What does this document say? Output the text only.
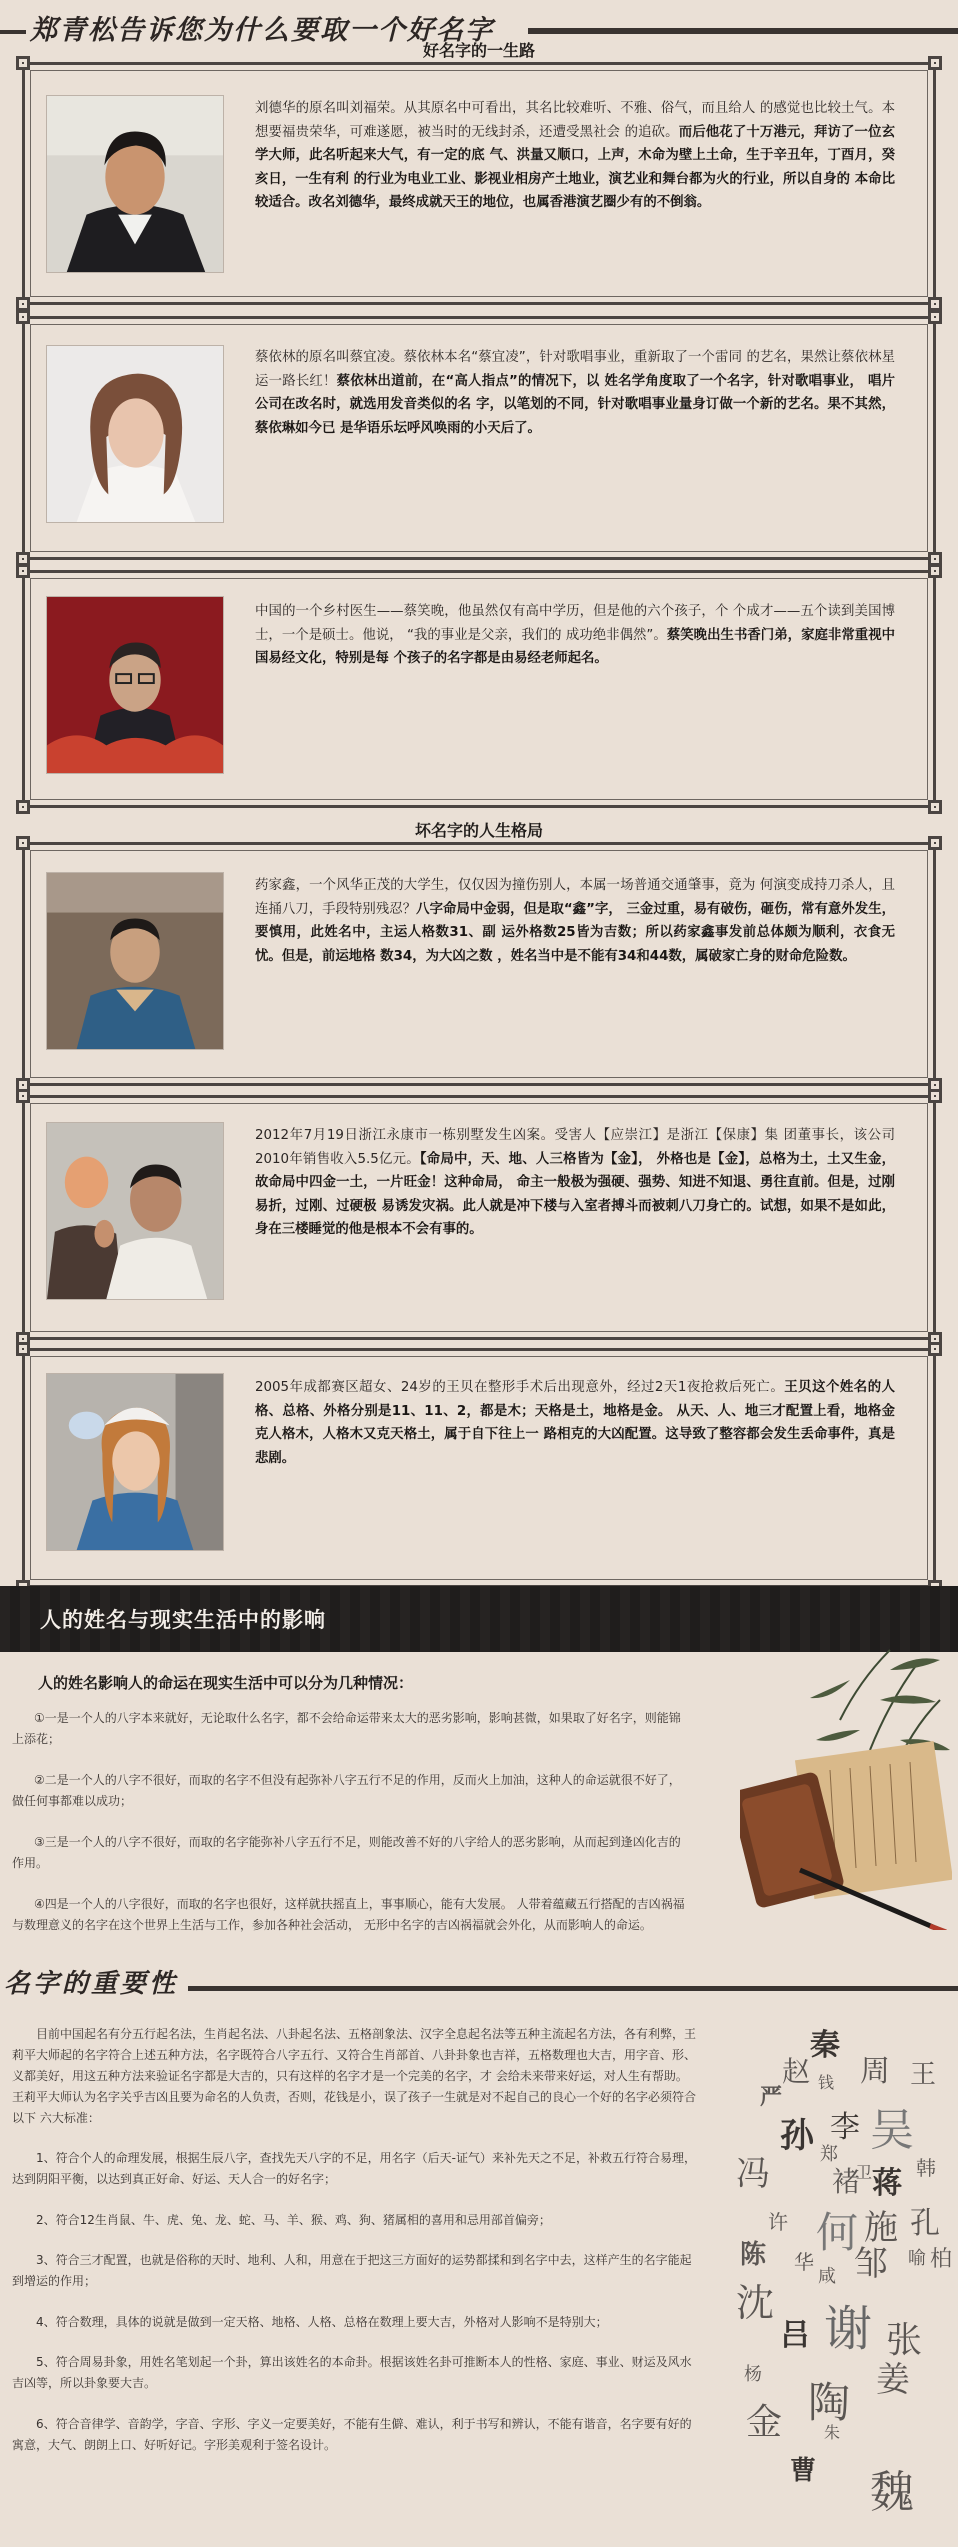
郑青松告诉您为什么要取一个好名字
好名字的一生路
刘德华的原名叫刘福荣。从其原名中可看出，其名比较难听、不雅、俗气，而且给人 的感觉也比较土气。本想要福贵荣华，可难遂愿，被当时的无线封杀，还遭受黑社会 的追砍。而后他花了十万港元，拜访了一位玄学大师，此名听起来大气，有一定的底 气、洪量又顺口，上声，木命为壁上土命，生于辛丑年，丁酉月，癸亥日，一生有利 的行业为电业工业、影视业相房产土地业，演艺业和舞台都为火的行业，所以自身的 本命比较适合。改名刘德华，最终成就天王的地位，也属香港演艺圈少有的不倒翁。
蔡依林的原名叫蔡宜凌。蔡依林本名“蔡宜凌”，针对歌唱事业，重新取了一个雷同 的艺名，果然让蔡依林星运一路长红！蔡依林出道前，在“高人指点”的情况下，以 姓名学角度取了一个名字，针对歌唱事业， 唱片公司在改名时，就选用发音类似的名 字，以笔划的不同，针对歌唱事业量身订做一个新的艺名。果不其然，蔡依琳如今已 是华语乐坛呼风唤雨的小天后了。
中国的一个乡村医生——蔡笑晚，他虽然仅有高中学历，但是他的六个孩子，个 个成才——五个读到美国博士，一个是硕士。他说， “我的事业是父亲，我们的 成功绝非偶然”。蔡笑晚出生书香门弟，家庭非常重视中国易经文化，特别是每 个孩子的名字都是由易经老师起名。
坏名字的人生格局
药家鑫，一个风华正茂的大学生，仅仅因为撞伤别人，本属一场普通交通肇事，竟为 何演变成持刀杀人，且连捅八刀，手段特别残忍？八字命局中金弱，但是取“鑫”字， 三金过重，易有破伤，砸伤，常有意外发生，要慎用，此姓名中，主运人格数31、副 运外格数25皆为吉数；所以药家鑫事发前总体颇为顺利，衣食无忧。但是，前运地格 数34，为大凶之数 ，姓名当中是不能有34和44数，属破家亡身的财命危险数。
2012年7月19日浙江永康市一栋别墅发生凶案。受害人【应崇江】是浙江【保康】集 团董事长，该公司2010年销售收入5.5亿元。【命局中，天、地、人三格皆为【金】， 外格也是【金】，总格为土，土又生金，故命局中四金一土，一片旺金！这种命局， 命主一般极为强硬、强势、知进不知退、勇往直前。但是，过刚易折，过刚、过硬极 易诱发灾祸。此人就是冲下楼与入室者搏斗而被刺八刀身亡的。试想，如果不是如此， 身在三楼睡觉的他是根本不会有事的。
2005年成都赛区超女、24岁的王贝在整形手术后出现意外，经过2天1夜抢救后死亡。王贝这个姓名的人格、总格、外格分别是11、11、2，都是木；天格是土，地格是金。 从天、人、地三才配置上看，地格金克人格木，人格木又克天格土，属于自下往上一 路相克的大凶配置。这导致了整容都会发生丢命事件，真是悲剧。
人的姓名与现实生活中的影响
人的姓名影响人的命运在现实生活中可以分为几种情况：
①一是一个人的八字本来就好，无论取什么名字，都不会给命运带来太大的恶劣影响，影响甚微，如果取了好名字，则能锦上添花；
②二是一个人的八字不很好，而取的名字不但没有起弥补八字五行不足的作用，反而火上加油，这种人的命运就很不好了，做任何事都难以成功；
③三是一个人的八字不很好，而取的名字能弥补八字五行不足，则能改善不好的八字给人的恶劣影响，从而起到逢凶化吉的作用。
④四是一个人的八字很好，而取的名字也很好，这样就扶摇直上，事事顺心，能有大发展。 人带着蕴藏五行搭配的吉凶祸福与数理意义的名字在这个世界上生活与工作，参加各种社会活动， 无形中名字的吉凶祸福就会外化，从而影响人的命运。
名字的重要性
目前中国起名有分五行起名法，生肖起名法、八卦起名法、五格剖象法、汉字全息起名法等五种主流起名方法，各有利弊，王莉平大师起的名字符合上述五种方法，名字既符合八字五行、又符合生肖部首、八卦卦象也吉祥，五格数理也大吉，用字音、形、义都美好，用这五种方法来验证名字都是大吉的，只有这样的名字才是一个完美的名字，才 会给未来带来好运，对人生有帮助。王莉平大师认为名字关乎吉凶且要为命名的人负责，否则，花钱是小，误了孩子一生就是对不起自己的良心一个好的名字必须符合以下 六大标准：
1、符合个人的命理发展，根据生辰八字，查找先天八字的不足，用名字（后天-证气）来补先天之不足，补救五行符合易理，达到阴阳平衡，以达到真正好命、好运、天人合一的好名字；
2、符合12生肖鼠、牛、虎、兔、龙、蛇、马、羊、猴、鸡、狗、猪属相的喜用和忌用部首偏旁；
3、符合三才配置，也就是俗称的天时、地利、人和，用意在于把这三方面好的运势都揉和到名字中去，这样产生的名字能起到增运的作用；
4、符合数理，具体的说就是做到一定天格、地格、人格、总格在数理上要大吉，外格对人影响不是特别大；
5、符合周易卦象，用姓名笔划起一个卦，算出该姓名的本命卦。根据该姓名卦可推断本人的性格、家庭、事业、财运及风水吉凶等，所以卦象要大吉。
6、符合音律学、音韵学，字音、字形、字义一定要美好，不能有生僻、难认，利于书写和辨认，不能有谐音，名字要有好的寓意，大气、朗朗上口、好听好记。字形美观利于签名设计。
秦
赵 钱 周 王
严
孙 李 吴
郑
冯 褚
卫 蒋 韩
许 何 施 孔
陈 华
咸 邹 喻 柏
沈
吕 谢 张
杨	姜
金 陶
朱
曹 魏
